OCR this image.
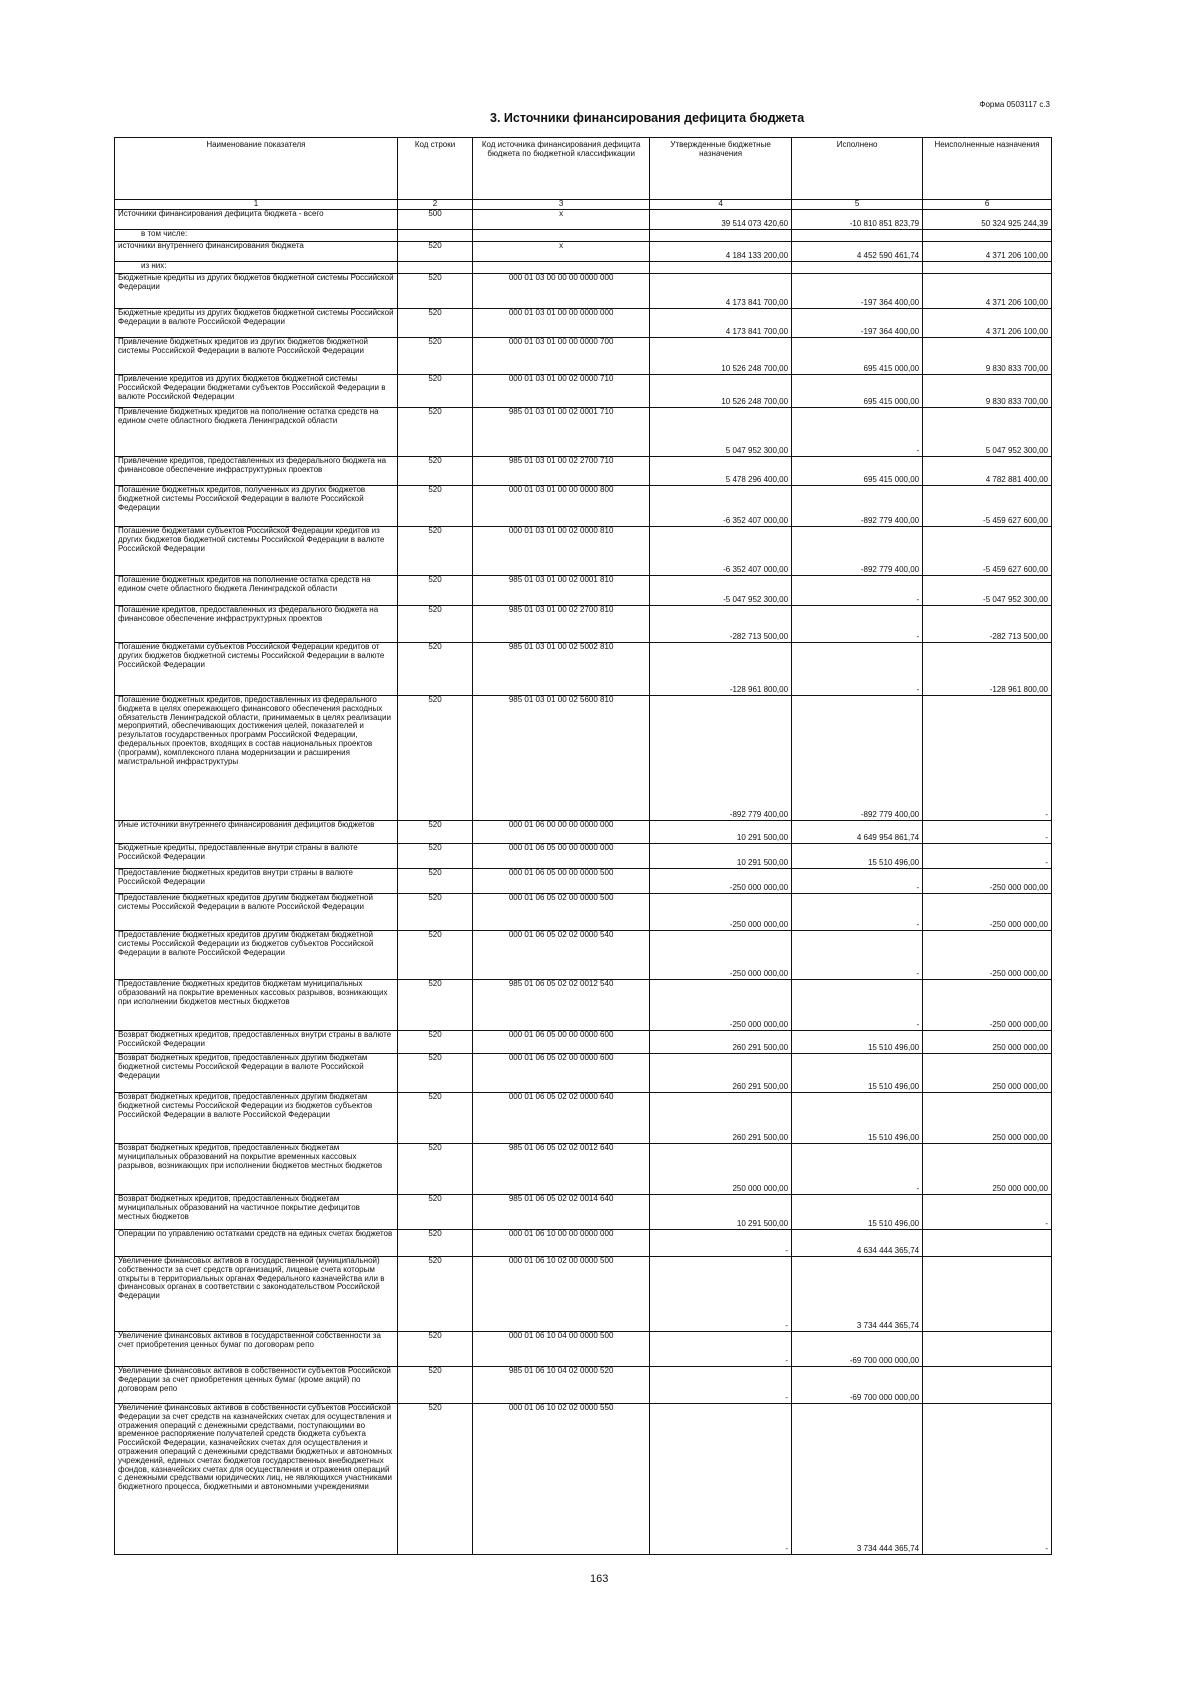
Форма 0503117 с.3
3. Источники финансирования дефицита бюджета
Наименование показателя	Код строки	Код источника финансирования дефицита бюджета по бюджетной классификации	Утвержденные бюджетные назначения	Исполнено	Неисполненные назначения
1	2	3	4	5	6
Источники финансирования дефицита бюджета - всего	500	x	39 514 073 420,60	-10 810 851 823,79	50 324 925 244,39
в том числе:					
источники внутреннего финансирования бюджета	520	x	4 184 133 200,00	4 452 590 461,74	4 371 206 100,00
из них:					
Бюджетные кредиты из других бюджетов бюджетной системы Российской Федерации	520	000 01 03 00 00 00 0000 000	4 173 841 700,00	-197 364 400,00	4 371 206 100,00
Бюджетные кредиты из других бюджетов бюджетной системы Российской Федерации в валюте Российской Федерации	520	000 01 03 01 00 00 0000 000	4 173 841 700,00	-197 364 400,00	4 371 206 100,00
Привлечение бюджетных кредитов из других бюджетов бюджетной системы Российской Федерации в валюте Российской Федерации	520	000 01 03 01 00 00 0000 700	10 526 248 700,00	695 415 000,00	9 830 833 700,00
Привлечение кредитов из других бюджетов бюджетной системы Российской Федерации бюджетами субъектов Российской Федерации в валюте Российской Федерации	520	000 01 03 01 00 02 0000 710	10 526 248 700,00	695 415 000,00	9 830 833 700,00
Привлечение бюджетных кредитов на пополнение остатка средств на едином счете областного бюджета Ленинградской области	520	985 01 03 01 00 02 0001 710	5 047 952 300,00	-	5 047 952 300,00
Привлечение кредитов, предоставленных из федерального бюджета на финансовое обеспечение инфраструктурных проектов	520	985 01 03 01 00 02 2700 710	5 478 296 400,00	695 415 000,00	4 782 881 400,00
Погашение бюджетных кредитов, полученных из других бюджетов бюджетной системы Российской Федерации в валюте Российской Федерации	520	000 01 03 01 00 00 0000 800	-6 352 407 000,00	-892 779 400,00	-5 459 627 600,00
Погашение бюджетами субъектов Российской Федерации кредитов из других бюджетов бюджетной системы Российской Федерации в валюте Российской Федерации	520	000 01 03 01 00 02 0000 810	-6 352 407 000,00	-892 779 400,00	-5 459 627 600,00
Погашение бюджетных кредитов на пополнение остатка средств на едином счете областного бюджета Ленинградской области	520	985 01 03 01 00 02 0001 810	-5 047 952 300,00	-	-5 047 952 300,00
Погашение кредитов, предоставленных из федерального бюджета на финансовое обеспечение инфраструктурных проектов	520	985 01 03 01 00 02 2700 810	-282 713 500,00	-	-282 713 500,00
Погашение бюджетами субъектов Российской Федерации кредитов от других бюджетов бюджетной системы Российской Федерации в валюте Российской Федерации	520	985 01 03 01 00 02 5002 810	-128 961 800,00	-	-128 961 800,00
Погашение бюджетных кредитов, предоставленных из федерального бюджета в целях опережающего финансового обеспечения расходных обязательств Ленинградской области, принимаемых в целях реализации мероприятий, обеспечивающих достижения целей, показателей и результатов государственных программ Российской Федерации, федеральных проектов, входящих в состав национальных проектов (программ), комплексного плана модернизации и расширения магистральной инфраструктуры	520	985 01 03 01 00 02 5600 810	-892 779 400,00	-892 779 400,00	-
Иные источники внутреннего финансирования дефицитов бюджетов	520	000 01 06 00 00 00 0000 000	10 291 500,00	4 649 954 861,74	-
Бюджетные кредиты, предоставленные внутри страны в валюте Российской Федерации	520	000 01 06 05 00 00 0000 000	10 291 500,00	15 510 496,00	-
Предоставление бюджетных кредитов внутри страны в валюте Российской Федерации	520	000 01 06 05 00 00 0000 500	-250 000 000,00	-	-250 000 000,00
Предоставление бюджетных кредитов другим бюджетам бюджетной системы Российской Федерации в валюте Российской Федерации	520	000 01 06 05 02 00 0000 500	-250 000 000,00	-	-250 000 000,00
Предоставление бюджетных кредитов другим бюджетам бюджетной системы Российской Федерации из бюджетов субъектов Российской Федерации в валюте Российской Федерации	520	000 01 06 05 02 02 0000 540	-250 000 000,00	-	-250 000 000,00
Предоставление бюджетных кредитов бюджетам муниципальных образований на покрытие временных кассовых разрывов, возникающих при исполнении бюджетов местных бюджетов	520	985 01 06 05 02 02 0012 540	-250 000 000,00	-	-250 000 000,00
Возврат бюджетных кредитов, предоставленных внутри страны в валюте Российской Федерации	520	000 01 06 05 00 00 0000 600	260 291 500,00	15 510 496,00	250 000 000,00
Возврат бюджетных кредитов, предоставленных другим бюджетам бюджетной системы Российской Федерации в валюте Российской Федерации	520	000 01 06 05 02 00 0000 600	260 291 500,00	15 510 496,00	250 000 000,00
Возврат бюджетных кредитов, предоставленных другим бюджетам бюджетной системы Российской Федерации из бюджетов субъектов Российской Федерации в валюте Российской Федерации	520	000 01 06 05 02 02 0000 640	260 291 500,00	15 510 496,00	250 000 000,00
Возврат бюджетных кредитов, предоставленных бюджетам муниципальных образований на покрытие временных кассовых разрывов, возникающих при исполнении бюджетов местных бюджетов	520	985 01 06 05 02 02 0012 640	250 000 000,00	-	250 000 000,00
Возврат бюджетных кредитов, предоставленных бюджетам муниципальных образований на частичное покрытие дефицитов местных бюджетов	520	985 01 06 05 02 02 0014 640	10 291 500,00	15 510 496,00	-
Операции по управлению остатками средств на единых счетах бюджетов	520	000 01 06 10 00 00 0000 000	-	4 634 444 365,74	
Увеличение финансовых активов в государственной (муниципальной) собственности за счет средств организаций, лицевые счета которым открыты в территориальных органах Федерального казначейства или в финансовых органах в соответствии с законодательством Российской Федерации	520	000 01 06 10 02 00 0000 500	-	3 734 444 365,74	
Увеличение финансовых активов в государственной собственности за счет приобретения ценных бумаг по договорам репо	520	000 01 06 10 04 00 0000 500	-	-69 700 000 000,00	
Увеличение финансовых активов в собственности субъектов Российской Федерации за счет приобретения ценных бумаг (кроме акций) по договорам репо	520	985 01 06 10 04 02 0000 520	-	-69 700 000 000,00	
Увеличение финансовых активов в собственности субъектов Российской Федерации за счет средств на казначейских счетах для осуществления и отражения операций с денежными средствами, поступающими во временное распоряжение получателей средств бюджета субъекта Российской Федерации, казначейских счетах для осуществления и отражения операций с денежными средствами бюджетных и автономных учреждений, единых счетах бюджетов государственных внебюджетных фондов, казначейских счетах для осуществления и отражения операций с денежными средствами юридических лиц, не являющихся участниками бюджетного процесса, бюджетными и автономными учреждениями	520	000 01 06 10 02 02 0000 550	-	3 734 444 365,74	-
163
